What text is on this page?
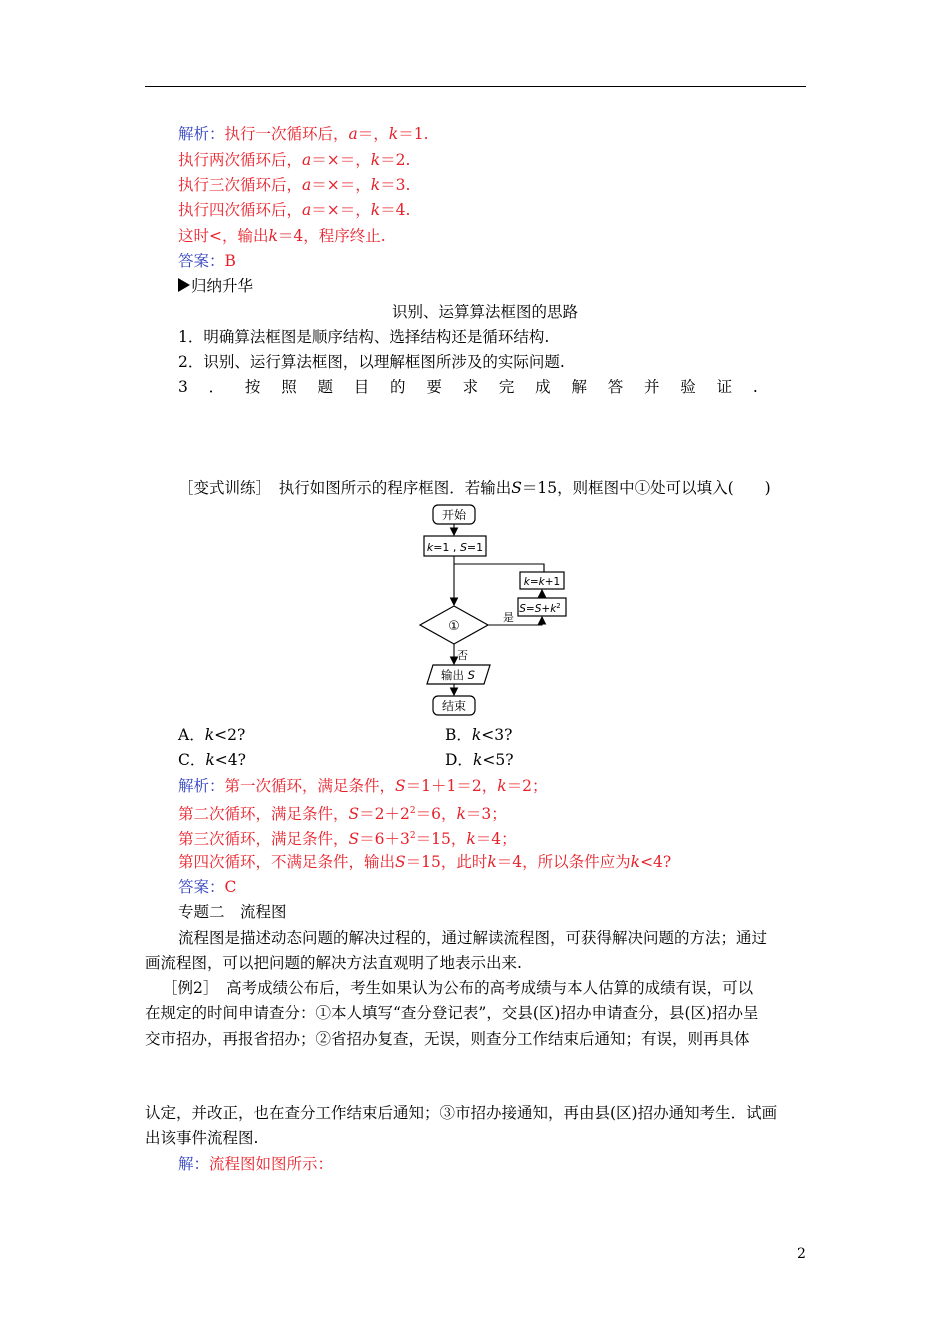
解析：执行一次循环后，a＝，k＝1.
执行两次循环后，a＝×＝，k＝2.
执行三次循环后，a＝×＝，k＝3.
执行四次循环后，a＝×＝，k＝4.
这时<，输出k＝4，程序终止.
答案：B
归纳升华
识别、运算算法框图的思路
1．明确算法框图是顺序结构、选择结构还是循环结构.
2．识别、运行算法框图，以理解框图所涉及的实际问题.
3 ． 按 照 题 目 的 要 求 完 成 解 答 并 验 证 .
［变式训练］　执行如图所示的程序框图．若输出S＝15，则框图中①处可以填入(　　)
开始
k=1 , S=1
k=k+1
$S=S+k^2$
是
①
否
输出 S
结束
A．k<2?	B．k<3?
C．k<4?	D．k<5?
解析：第一次循环，满足条件，S＝1＋1＝2，k＝2；
第二次循环，满足条件，$S=2+2^2=6$，k＝3；
第三次循环，满足条件，$S=6+3^2=15$，k＝4；
第四次循环，不满足条件，输出S＝15，此时k＝4，所以条件应为k<4?
答案：C
专题二　流程图
流程图是描述动态问题的解决过程的，通过解读流程图，可获得解决问题的方法；通过
画流程图，可以把问题的解决方法直观明了地表示出来.
［例2］　高考成绩公布后，考生如果认为公布的高考成绩与本人估算的成绩有误，可以
在规定的时间申请查分：①本人填写“查分登记表”，交县(区)招办申请查分，县(区)招办呈
交市招办，再报省招办；②省招办复查，无误，则查分工作结束后通知；有误，则再具体
认定，并改正，也在查分工作结束后通知；③市招办接通知，再由县(区)招办通知考生．试画
出该事件流程图.
解：流程图如图所示：
2
